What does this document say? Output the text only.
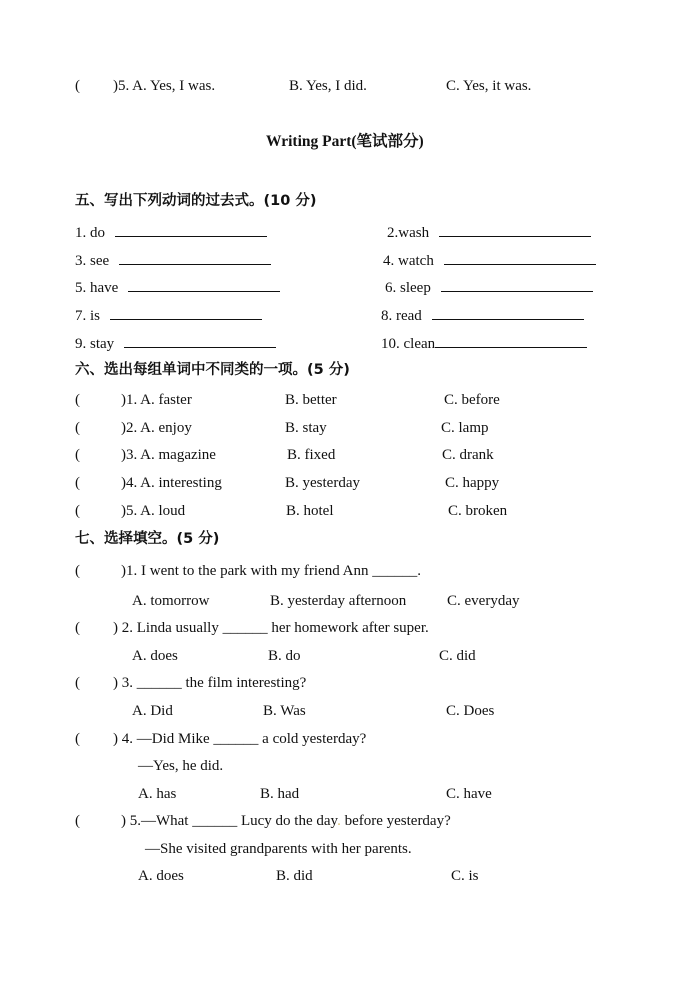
( )5. A. Yes, I was.	B. Yes, I did.	C. Yes, it was.
Writing Part(笔试部分)
五、写出下列动词的过去式。(10 分)
1. do	2.wash
3. see	4. watch
5. have	6. sleep
7. is	8. read
9. stay	10. clean
六、选出每组单词中不同类的一项。(5 分)
(	)1. A. faster	B. better	C. before
(	)2. A. enjoy	B. stay	C. lamp
(	)3. A. magazine	B. fixed	C. drank
(	)4. A. interesting	B. yesterday	C. happy
(	)5. A. loud	B. hotel	C. broken
七、选择填空。(5 分)
(	)1. I went to the park with my friend Ann ______.
A. tomorrow	B. yesterday afternoon	C. everyday
( ) 2. Linda usually ______ her homework after super.
A. does	B. do	C. did
( ) 3. ______ the film interesting?
A. Did	B. Was	C. Does
( ) 4. —Did Mike ______ a cold yesterday?
—Yes, he did.
A. has	B. had	C. have
(	) 5.—What ______ Lucy do the day. before yesterday?
—She visited grandparents with her parents.
A. does	B. did	C. is
